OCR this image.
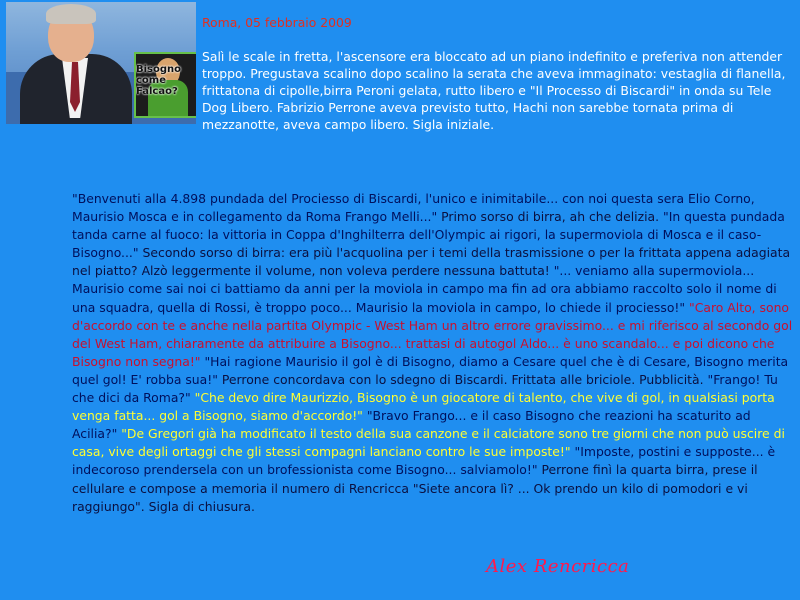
Bisogno come Falcao?
Roma, 05 febbraio 2009

Salì le scale in fretta, l'ascensore era bloccato ad un piano indefinito e preferiva non attender troppo. Pregustava scalino dopo scalino la serata che aveva immaginato: vestaglia di flanella, frittatona di cipolle,birra Peroni gelata, rutto libero e "Il Processo di Biscardi" in onda su Tele Dog Libero. Fabrizio Perrone aveva previsto tutto, Hachi non sarebbe tornata prima di mezzanotte, aveva campo libero. Sigla iniziale.

"Benvenuti alla 4.898 pundada del Prociesso di Biscardi, l'unico e inimitabile... con noi questa sera Elio Corno, Maurisio Mosca e in collegamento da Roma Frango Melli..." Primo sorso di birra, ah che delizia. "In questa pundada tanda carne al fuoco: la vittoria in Coppa d'Inghilterra dell'Olympic ai rigori, la supermoviola di Mosca e il caso-Bisogno..." Secondo sorso di birra: era più l'acquolina per i temi della trasmissione o per la frittata appena adagiata nel piatto? Alzò leggermente il volume, non voleva perdere nessuna battuta! "... veniamo alla supermoviola... Maurisio come sai noi ci battiamo da anni per la moviola in campo ma fin ad ora abbiamo raccolto solo il nome di una squadra, quella di Rossi, è troppo poco... Maurisio la moviola in campo, lo chiede il prociesso!" "Caro Alto, sono d'accordo con te e anche nella partita Olympic - West Ham un altro errore gravissimo... e mi riferisco al secondo gol del West Ham, chiaramente da attribuire a Bisogno... trattasi di autogol Aldo... è uno scandalo... e poi dicono che Bisogno non segna!" "Hai ragione Maurisio il gol è di Bisogno, diamo a Cesare quel che è di Cesare, Bisogno merita quel gol! E' robba sua!" Perrone concordava con lo sdegno di Biscardi. Frittata alle briciole. Pubblicità. "Frango! Tu che dici da Roma?" "Che devo dire Maurizzio, Bisogno è un giocatore di talento, che vive di gol, in qualsiasi porta venga fatta... gol a Bisogno, siamo d'accordo!" "Bravo Frango... e il caso Bisogno che reazioni ha scaturito ad Acilia?" "De Gregori già ha modificato il testo della sua canzone e il calciatore sono tre giorni che non può uscire di casa, vive degli ortaggi che gli stessi compagni lanciano contro le sue imposte!" "Imposte, postini e supposte... è indecoroso prendersela con un brofessionista come Bisogno... salviamolo!" Perrone finì la quarta birra, prese il cellulare e compose a memoria il numero di Rencricca "Siete ancora lì? ... Ok prendo un kilo di pomodori e vi raggiungo". Sigla di chiusura.
Alex Rencricca
